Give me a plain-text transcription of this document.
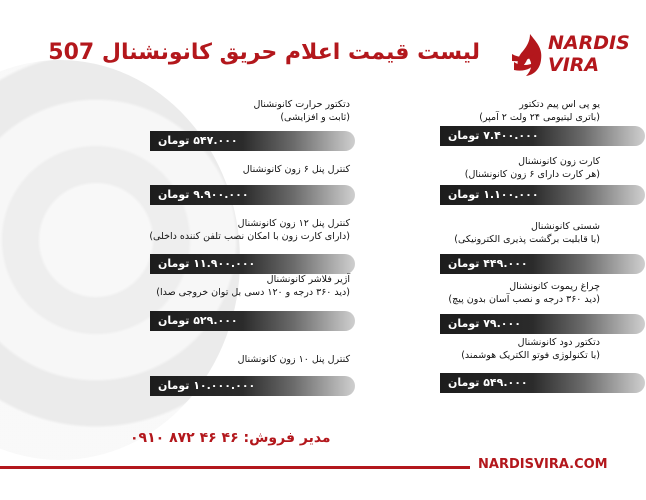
لیست قیمت اعلام حریق کانونشنال 507	NARDIS
VIRA
دتکتور حرارت کانونشنال
(ثابت و افزایشی)
۵۴۷.۰۰۰ تومان
کنترل پنل ۶ زون کانونشنال
۹.۹۰۰.۰۰۰ تومان
کنترل پنل ۱۲ زون کانونشنال
(دارای کارت زون با امکان نصب تلفن کننده داخلی)
۱۱.۹۰۰.۰۰۰ تومان
آژیر فلاشر کانونشنال
(دید ۳۶۰ درجه و ۱۲۰ دسی بل توان خروجی صدا)
۵۲۹.۰۰۰ تومان
کنترل پنل ۱۰ زون کانونشنال
۱۰.۰۰۰.۰۰۰ تومان
یو پی اس پیم دتکتور
(باتری لیتیومی ۲۴ ولت ۲ آمپر)
۷.۴۰۰.۰۰۰ تومان
کارت زون کانونشنال
(هر کارت دارای ۶ زون کانونشنال)
۱.۱۰۰.۰۰۰ تومان
شستی کانونشنال
(با قابلیت برگشت پذیری الکترونیکی)
۴۴۹.۰۰۰ تومان
چراغ ریموت کانونشنال
(دید ۳۶۰ درجه و نصب آسان بدون پیچ)
۷۹.۰۰۰ تومان
دتکتور دود کانونشنال
(با تکنولوژی فوتو الکتریک هوشمند)
۵۴۹.۰۰۰ تومان
مدیر فروش: ۴۶ ۴۶ ۸۷۲ ۰۹۱۰
NARDISVIRA.COM
